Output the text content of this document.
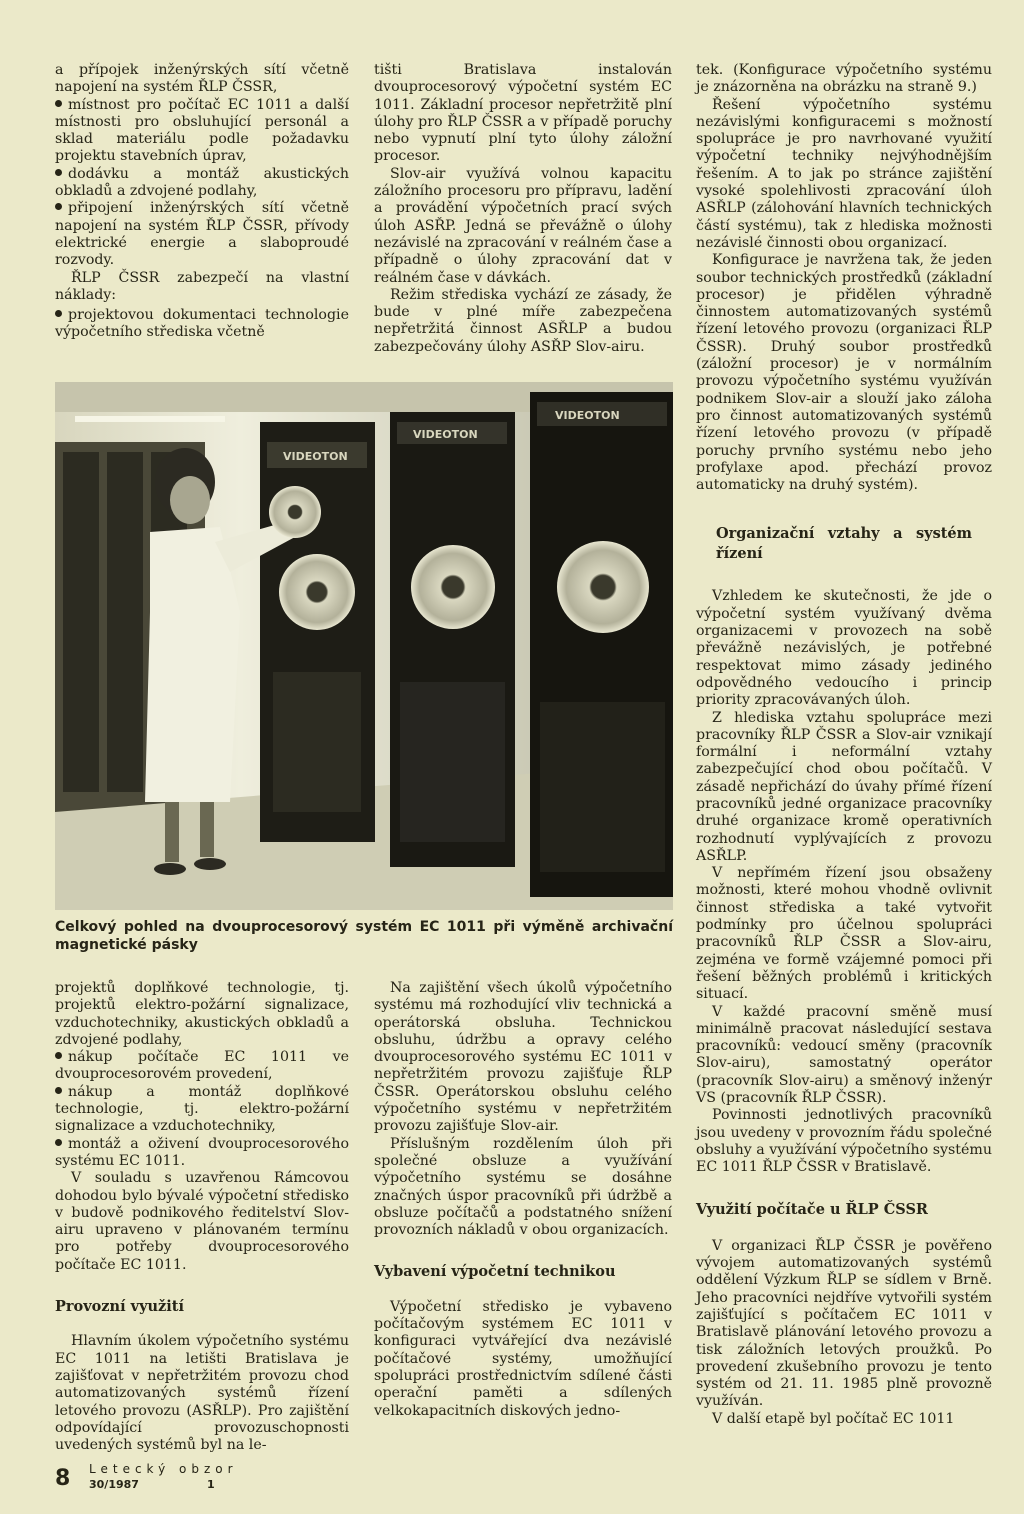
a přípojek inženýrských sítí včetně napojení na systém ŘLP ČSSR,

místnost pro počítač EC 1011 a další místnosti pro obsluhující personál a sklad materiálu podle požadavku projektu stavebních úprav,

dodávku a montáž akustických obkladů a zdvojené podlahy,

připojení inženýrských sítí včetně napojení na systém ŘLP ČSSR, přívody elektrické energie a slaboproudé rozvody.

ŘLP ČSSR zabezpečí na vlastní náklady:

projektovou dokumentaci technologie výpočetního střediska včetně

tišti Bratislava instalován dvouprocesorový výpočetní systém EC 1011. Základní procesor nepřetržitě plní úlohy pro ŘLP ČSSR a v případě poruchy nebo vypnutí plní tyto úlohy záložní procesor.

Slov-air využívá volnou kapacitu záložního procesoru pro přípravu, ladění a provádění výpočetních prací svých úloh ASŘP. Jedná se převážně o úlohy nezávislé na zpracování v reálném čase a případně o úlohy zpracování dat v reálném čase v dávkách.

Režim střediska vychází ze zásady, že bude v plné míře zabezpečena nepřetržitá činnost ASŘLP a budou zabezpečovány úlohy ASŘP Slov-airu.

tek. (Konfigurace výpočetního systému je znázorněna na obrázku na straně 9.)

Řešení výpočetního systému nezávislými konfiguracemi s možností spolupráce je pro navrhované využití výpočetní techniky nejvýhodnějším řešením. A to jak po stránce zajištění vysoké spolehlivosti zpracování úloh ASŘLP (zálohování hlavních technických částí systému), tak z hlediska možnosti nezávislé činnosti obou organizací.

Konfigurace je navržena tak, že jeden soubor technických prostředků (základní procesor) je přidělen výhradně činnostem automatizovaných systémů řízení letového provozu (organizaci ŘLP ČSSR). Druhý soubor prostředků (záložní procesor) je v normálním provozu výpočetního systému využíván podnikem Slov-air a slouží jako záloha pro činnost automatizovaných systémů řízení letového provozu (v případě poruchy prvního systému nebo jeho profylaxe apod. přechází provoz automaticky na druhý systém).

Organizační vztahy a systém řízení

Vzhledem ke skutečnosti, že jde o výpočetní systém využívaný dvěma organizacemi v provozech na sobě převážně nezávislých, je potřebné respektovat mimo zásady jediného odpovědného vedoucího i princip priority zpracovávaných úloh.

Z hlediska vztahu spolupráce mezi pracovníky ŘLP ČSSR a Slov-air vznikají formální i neformální vztahy zabezpečující chod obou počítačů. V zásadě nepřichází do úvahy přímé řízení pracovníků jedné organizace pracovníky druhé organizace kromě operativních rozhodnutí vyplývajících z provozu ASŘLP.

V nepřímém řízení jsou obsaženy možnosti, které mohou vhodně ovlivnit činnost střediska a také vytvořit podmínky pro účelnou spolupráci pracovníků ŘLP ČSSR a Slov-airu, zejména ve formě vzájemné pomoci při řešení běžných problémů i kritických situací.

V každé pracovní směně musí minimálně pracovat následující sestava pracovníků: vedoucí směny (pracovník Slov-airu), samostatný operátor (pracovník Slov-airu) a směnový inženýr VS (pracovník ŘLP ČSSR).

Povinnosti jednotlivých pracovníků jsou uvedeny v provozním řádu společné obsluhy a využívání výpočetního systému EC 1011 ŘLP ČSSR v Bratislavě.

Využití počítače u ŘLP ČSSR

V organizaci ŘLP ČSSR je pověřeno vývojem automatizovaných systémů oddělení Výzkum ŘLP se sídlem v Brně. Jeho pracovníci nejdříve vytvořili systém zajišťující s počítačem EC 1011 v Bratislavě plánování letového provozu a tisk záložních letových proužků. Po provedení zkušebního provozu je tento systém od 21. 11. 1985 plně provozně využíván.

V další etapě byl počítač EC 1011

VIDEOTON
VIDEOTON
VIDEOTON
Celkový pohled na dvouprocesorový systém EC 1011 při výměně archivační magnetické pásky

projektů doplňkové technologie, tj. projektů elektro-požární signalizace, vzduchotechniky, akustických obkladů a zdvojené podlahy,

nákup počítače EC 1011 ve dvouprocesorovém provedení,

nákup a montáž doplňkové technologie, tj. elektro-požární signalizace a vzduchotechniky,

montáž a oživení dvouprocesorového systému EC 1011.

V souladu s uzavřenou Rámcovou dohodou bylo bývalé výpočetní středisko v budově podnikového ředitelství Slov-airu upraveno v plánovaném termínu pro potřeby dvouprocesorového počítače EC 1011.

Provozní využití

Hlavním úkolem výpočetního systému EC 1011 na letišti Bratislava je zajišťovat v nepřetržitém provozu chod automatizovaných systémů řízení letového provozu (ASŘLP). Pro zajištění odpovídající provozuschopnosti uvedených systémů byl na le-

Na zajištění všech úkolů výpočetního systému má rozhodující vliv technická a operátorská obsluha. Technickou obsluhu, údržbu a opravy celého dvouprocesorového systému EC 1011 v nepřetržitém provozu zajišťuje ŘLP ČSSR. Operátorskou obsluhu celého výpočetního systému v nepřetržitém provozu zajišťuje Slov-air.

Příslušným rozdělením úloh při společné obsluze a využívání výpočetního systému se dosáhne značných úspor pracovníků při údržbě a obsluze počítačů a podstatného snížení provozních nákladů v obou organizacích.

Vybavení výpočetní technikou

Výpočetní středisko je vybaveno počítačovým systémem EC 1011 v konfiguraci vytvářející dva nezávislé počítačové systémy, umožňující spolupráci prostřednictvím sdílené části operační paměti a sdílených velkokapacitních diskových jedno-

8 Letecký obzor
30/1987	1
